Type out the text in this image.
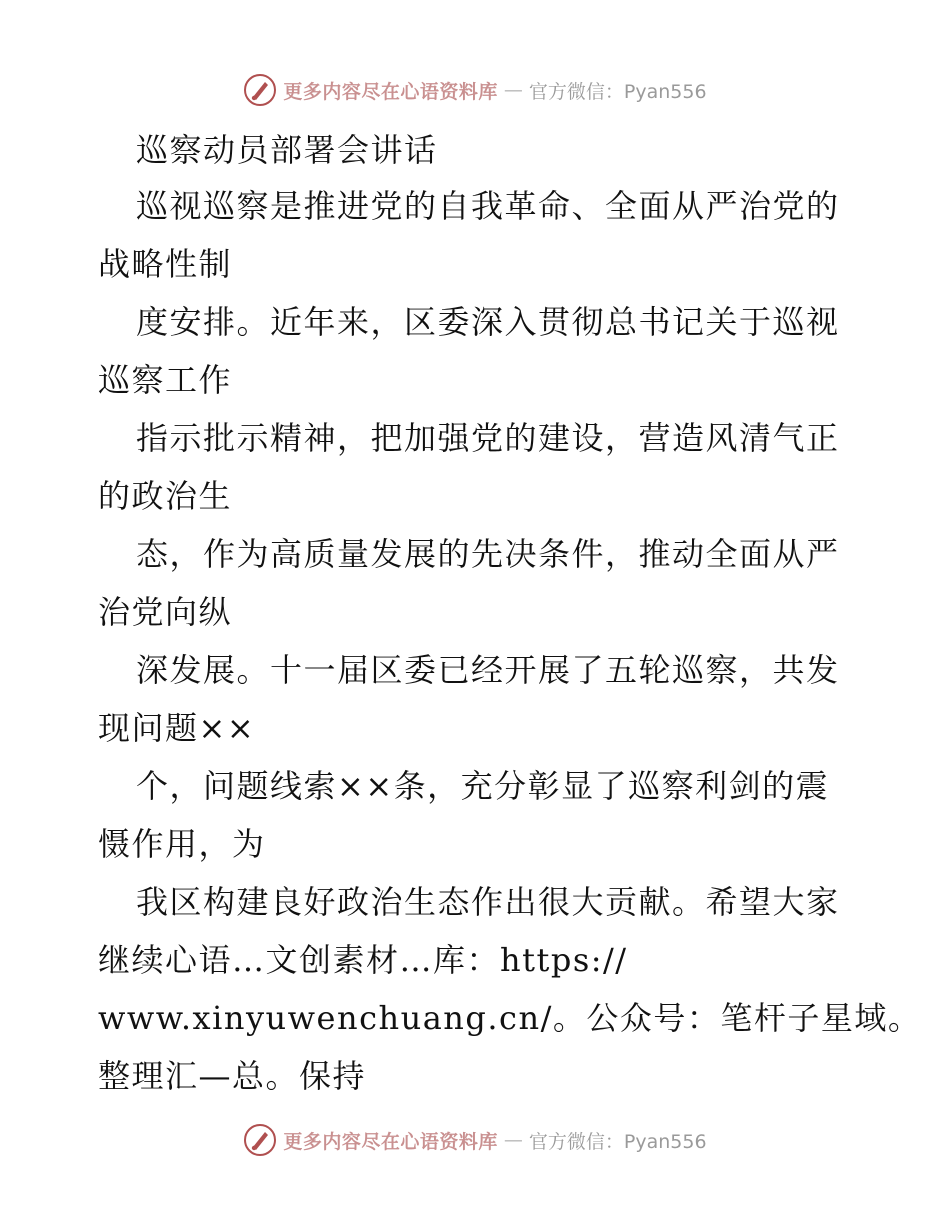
更多内容尽在心语资料库 — 官方微信：Pyan556
巡察动员部署会讲话
巡视巡察是推进党的自我革命、全面从严治党的
战略性制
度安排。近年来，区委深入贯彻总书记关于巡视
巡察工作
指示批示精神，把加强党的建设，营造风清气正
的政治生
态，作为高质量发展的先决条件，推动全面从严
治党向纵
深发展。十一届区委已经开展了五轮巡察，共发
现问题××
个，问题线索××条，充分彰显了巡察利剑的震
慑作用，为
我区构建良好政治生态作出很大贡献。希望大家
继续心语…文创素材…库：https://
www.xinyuwenchuang.cn/。公众号：笔杆子星域。
整理汇—总。保持
更多内容尽在心语资料库 — 官方微信：Pyan556
